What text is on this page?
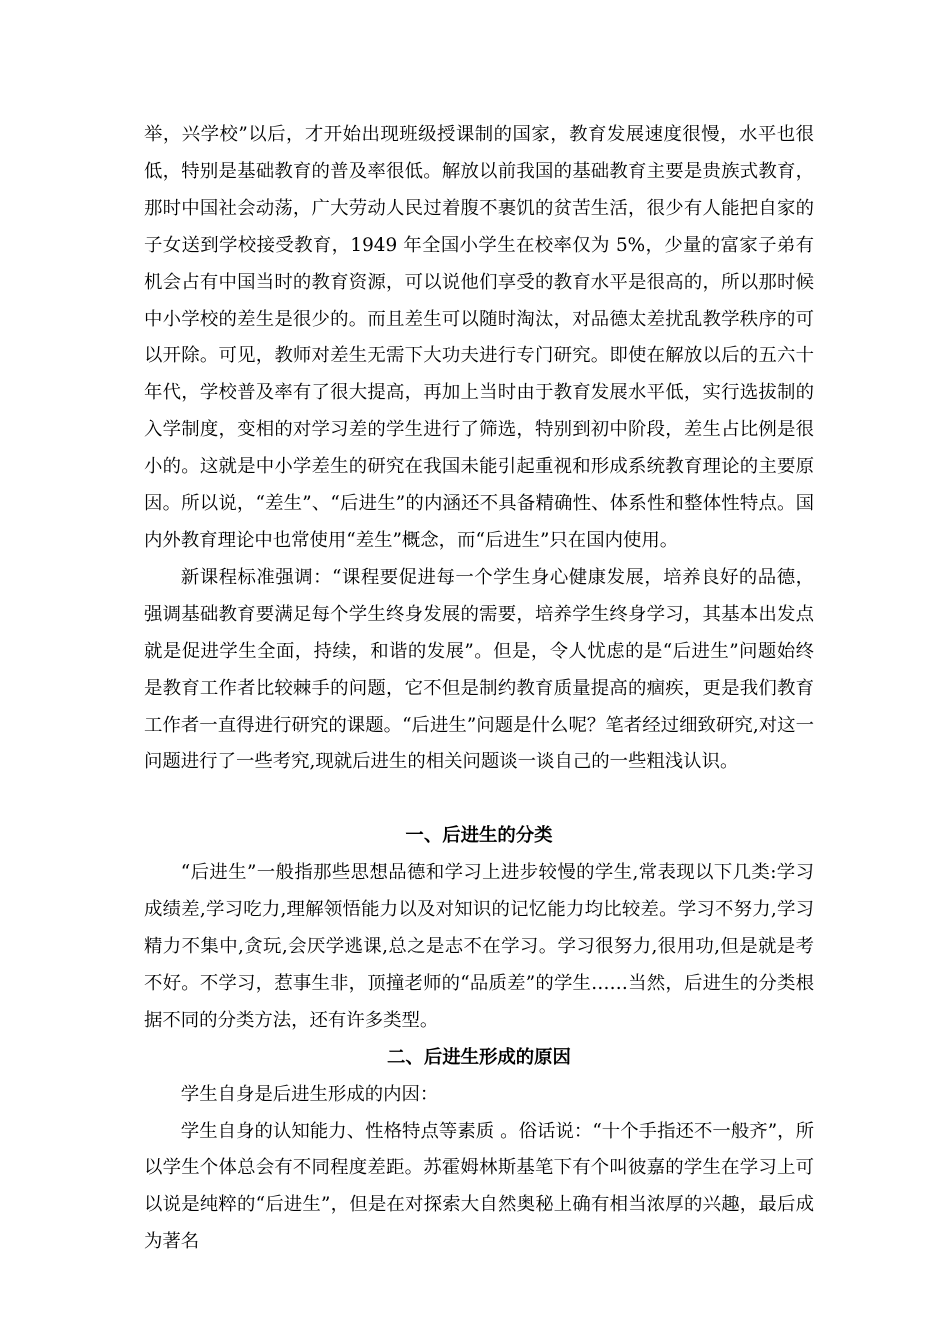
举，兴学校”以后，才开始出现班级授课制的国家，教育发展速度很慢，水平也很低，特别是基础教育的普及率很低。解放以前我国的基础教育主要是贵族式教育，那时中国社会动荡，广大劳动人民过着腹不裹饥的贫苦生活，很少有人能把自家的子女送到学校接受教育，1949 年全国小学生在校率仅为 5%，少量的富家子弟有机会占有中国当时的教育资源，可以说他们享受的教育水平是很高的，所以那时候中小学校的差生是很少的。而且差生可以随时淘汰，对品德太差扰乱教学秩序的可以开除。可见，教师对差生无需下大功夫进行专门研究。即使在解放以后的五六十年代，学校普及率有了很大提高，再加上当时由于教育发展水平低，实行选拔制的入学制度，变相的对学习差的学生进行了筛选，特别到初中阶段，差生占比例是很小的。这就是中小学差生的研究在我国未能引起重视和形成系统教育理论的主要原因。所以说，“差生”、“后进生”的内涵还不具备精确性、体系性和整体性特点。国内外教育理论中也常使用“差生”概念，而“后进生”只在国内使用。

新课程标准强调：“课程要促进每一个学生身心健康发展，培养良好的品德，强调基础教育要满足每个学生终身发展的需要，培养学生终身学习，其基本出发点就是促进学生全面，持续，和谐的发展”。但是，令人忧虑的是“后进生”问题始终是教育工作者比较棘手的问题，它不但是制约教育质量提高的痼疾，更是我们教育工作者一直得进行研究的课题。“后进生”问题是什么呢？笔者经过细致研究,对这一问题进行了一些考究,现就后进生的相关问题谈一谈自己的一些粗浅认识。

一、后进生的分类

“后进生”一般指那些思想品德和学习上进步较慢的学生,常表现以下几类:学习成绩差,学习吃力,理解领悟能力以及对知识的记忆能力均比较差。学习不努力,学习精力不集中,贪玩,会厌学逃课,总之是志不在学习。学习很努力,很用功,但是就是考不好。不学习，惹事生非，顶撞老师的“品质差”的学生……当然，后进生的分类根据不同的分类方法，还有许多类型。

二、后进生形成的原因

学生自身是后进生形成的内因：

学生自身的认知能力、性格特点等素质 。俗话说：“十个手指还不一般齐”，所以学生个体总会有不同程度差距。苏霍姆林斯基笔下有个叫彼嘉的学生在学习上可以说是纯粹的“后进生”，但是在对探索大自然奥秘上确有相当浓厚的兴趣，最后成为著名
